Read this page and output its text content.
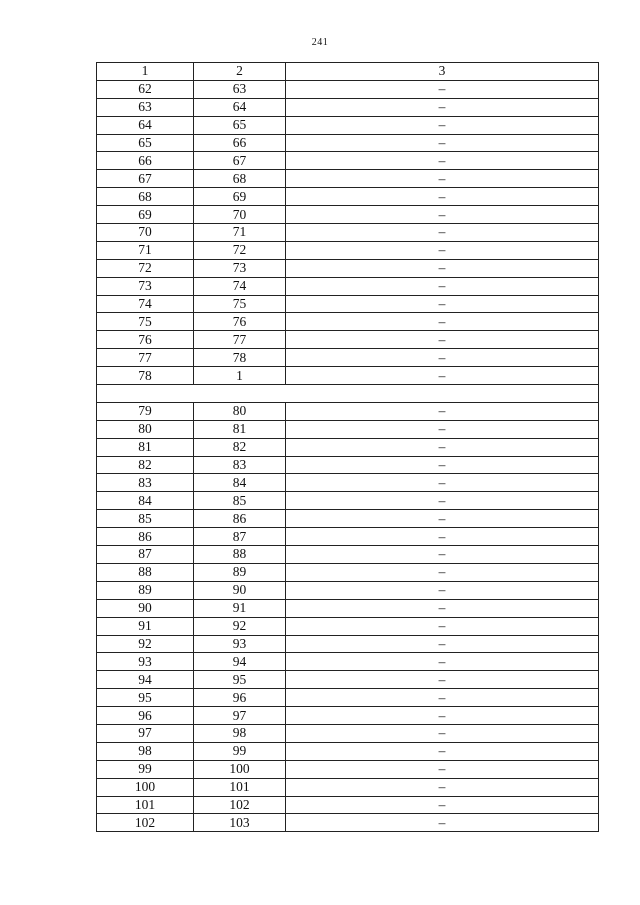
241
1	2	3
62	63	–
63	64	–
64	65	–
65	66	–
66	67	–
67	68	–
68	69	–
69	70	–
70	71	–
71	72	–
72	73	–
73	74	–
74	75	–
75	76	–
76	77	–
77	78	–
78	1	–

79	80	–
80	81	–
81	82	–
82	83	–
83	84	–
84	85	–
85	86	–
86	87	–
87	88	–
88	89	–
89	90	–
90	91	–
91	92	–
92	93	–
93	94	–
94	95	–
95	96	–
96	97	–
97	98	–
98	99	–
99	100	–
100	101	–
101	102	–
102	103	–
